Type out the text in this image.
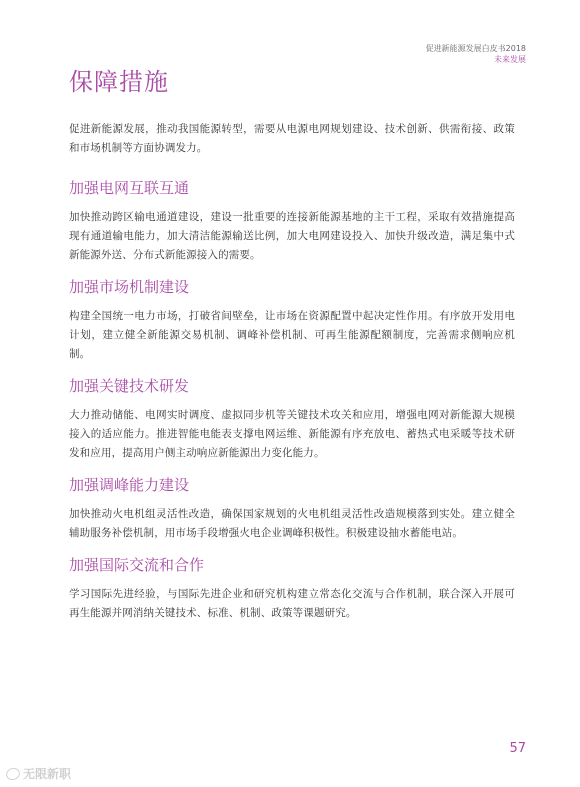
促进新能源发展白皮书2018
未来发展
保障措施

促进新能源发展，推动我国能源转型，需要从电源电网规划建设、技术创新、供需衔接、政策和市场机制等方面协调发力。

加强电网互联互通

加快推动跨区输电通道建设，建设一批重要的连接新能源基地的主干工程，采取有效措施提高现有通道输电能力，加大清洁能源输送比例，加大电网建设投入、加快升级改造，满足集中式新能源外送、分布式新能源接入的需要。

加强市场机制建设

构建全国统一电力市场，打破省间壁垒，让市场在资源配置中起决定性作用。有序放开发用电计划，建立健全新能源交易机制、调峰补偿机制、可再生能源配额制度，完善需求侧响应机制。

加强关键技术研发

大力推动储能、电网实时调度、虚拟同步机等关键技术攻关和应用，增强电网对新能源大规模接入的适应能力。推进智能电能表支撑电网运维、新能源有序充放电、蓄热式电采暖等技术研发和应用，提高用户侧主动响应新能源出力变化能力。

加强调峰能力建设

加快推动火电机组灵活性改造，确保国家规划的火电机组灵活性改造规模落到实处。建立健全辅助服务补偿机制，用市场手段增强火电企业调峰积极性。积极建设抽水蓄能电站。

加强国际交流和合作

学习国际先进经验，与国际先进企业和研究机构建立常态化交流与合作机制，联合深入开展可再生能源并网消纳关键技术、标准、机制、政策等课题研究。

57
无限新职
